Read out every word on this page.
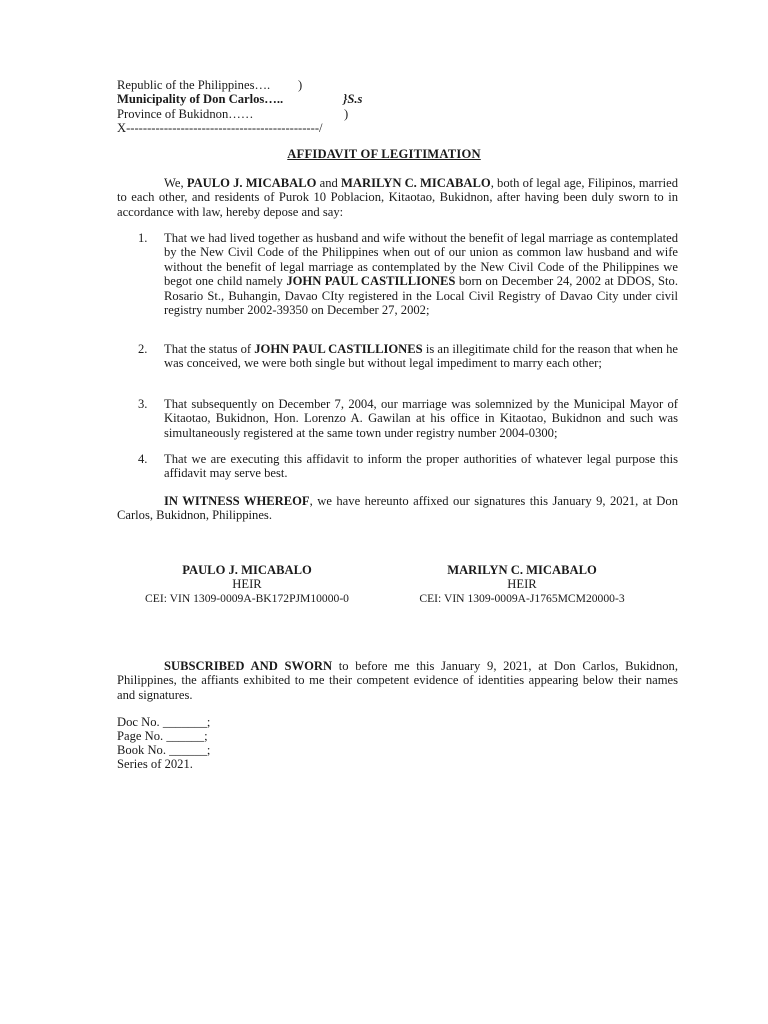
Republic of the Philippines…. )
Municipality of Don Carlos…..	}S.s
Province of Bukidnon……	)
X----------------------------------------------/
AFFIDAVIT OF LEGITIMATION
We, PAULO J. MICABALO and MARILYN C. MICABALO, both of legal age, Filipinos, married to each other, and residents of Purok 10 Poblacion, Kitaotao, Bukidnon, after having been duly sworn to in accordance with law, hereby depose and say:
1. That we had lived together as husband and wife without the benefit of legal marriage as contemplated by the New Civil Code of the Philippines when out of our union as common law husband and wife without the benefit of legal marriage as contemplated by the New Civil Code of the Philippines we begot one child namely JOHN PAUL CASTILLIONES born on December 24, 2002 at DDOS, Sto. Rosario St., Buhangin, Davao CIty registered in the Local Civil Registry of Davao City under civil registry number 2002-39350 on December 27, 2002;
2. That the status of JOHN PAUL CASTILLIONES is an illegitimate child for the reason that when he was conceived, we were both single but without legal impediment to marry each other;
3. That subsequently on December 7, 2004, our marriage was solemnized by the Municipal Mayor of Kitaotao, Bukidnon, Hon. Lorenzo A. Gawilan at his office in Kitaotao, Bukidnon and such was simultaneously registered at the same town under registry number 2004-0300;
4. That we are executing this affidavit to inform the proper authorities of whatever legal purpose this affidavit may serve best.
IN WITNESS WHEREOF, we have hereunto affixed our signatures this January 9, 2021, at Don Carlos, Bukidnon, Philippines.
PAULO J. MICABALO
HEIR
CEI: VIN 1309-0009A-BK172PJM10000-0
MARILYN C. MICABALO
HEIR
CEI: VIN 1309-0009A-J1765MCM20000-3
SUBSCRIBED AND SWORN to before me this January 9, 2021, at Don Carlos, Bukidnon, Philippines, the affiants exhibited to me their competent evidence of identities appearing below their names and signatures.
Doc No. _______;
Page No. ______;
Book No. ______;
Series of 2021.
